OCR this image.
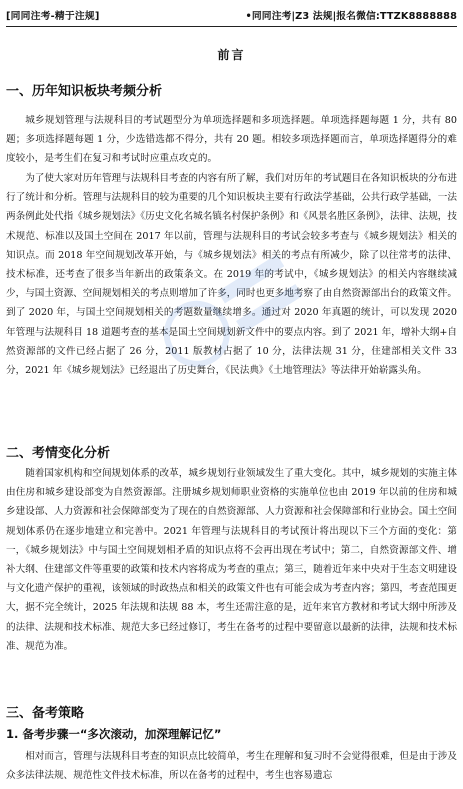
[同同注考-精于注规]	•同同注考|Z3 法规|报名微信:TTZK8888888
前言
一、历年知识板块考频分析
城乡规划管理与法规科目的考试题型分为单项选择题和多项选择题。单项选择题每题 1 分，共有 80 题；多项选择题每题 1 分，少选错选都不得分，共有 20 题。相较多项选择题而言，单项选择题得分的难度较小，是考生们在复习和考试时应重点攻克的。
为了使大家对历年管理与法规科目考查的内容有所了解，我们对历年的考试题目在各知识板块的分布进行了统计和分析。管理与法规科目的较为重要的几个知识板块主要有行政法学基础，公共行政学基础，一法两条例此处代指《城乡规划法》《历史文化名城名镇名村保护条例》和《风景名胜区条例》，法律、法规，技术规范、标准以及国土空间在 2017 年以前，管理与法规科目的考试会较多考查与《城乡规划法》相关的知识点。而 2018 年空间规划改革开始，与《城乡规划法》相关的考点有所减少，除了以往常考的法律、技术标准，还考查了很多当年新出的政策条文。在 2019 年的考试中，《城乡规划法》的相关内容继续减少，与国土资源、空间规划相关的考点则增加了许多，同时也更多地考察了由自然资源部出台的政策文件。到了 2020 年，与国土空间规划相关的考题数量继续增多。通过对 2020 年真题的统计，可以发现 2020 年管理与法规科目 18 道题考查的基本是国土空间规划新文件中的要点内容。到了 2021 年，增补大纲+自然资源部的文件已经占据了 26 分，2011 版教材占据了 10 分，法律法规 31 分，住建部相关文件 33 分，2021 年《城乡规划法》已经退出了历史舞台，《民法典》《土地管理法》等法律开始崭露头角。
二、考情变化分析
随着国家机构和空间规划体系的改革，城乡规划行业领域发生了重大变化。其中，城乡规划的实施主体由住房和城乡建设部变为自然资源部。注册城乡规划师职业资格的实施单位也由 2019 年以前的住房和城乡建设部、人力资源和社会保障部变为了现在的自然资源部、人力资源和社会保障部和行业协会。国土空间规划体系仍在逐步地建立和完善中。2021 年管理与法规科目的考试预计将出现以下三个方面的变化：第一，《城乡规划法》中与国土空间规划相矛盾的知识点将不会再出现在考试中；第二，自然资源部文件、增补大纲、住建部文件等重要的政策和技术内容将成为考查的重点；第三，随着近年来中央对于生态文明建设与文化遗产保护的重视，该领域的时政热点和相关的政策文件也有可能会成为考查内容；第四，考查范围更大，据不完全统计，2025 年法规和法规 88 本，考生还需注意的是，近年来官方教材和考试大纲中所涉及的法律、法规和技术标准、规范大多已经过修订，考生在备考的过程中要留意以最新的法律，法规和技术标准、规范为准。
三、备考策略
1. 备考步骤一“多次滚动，加深理解记忆”
相对而言，管理与法规科目考查的知识点比较简单，考生在理解和复习时不会觉得很难，但是由于涉及众多法律法规、规范性文件技术标准，所以在备考的过程中，考生也容易遗忘
